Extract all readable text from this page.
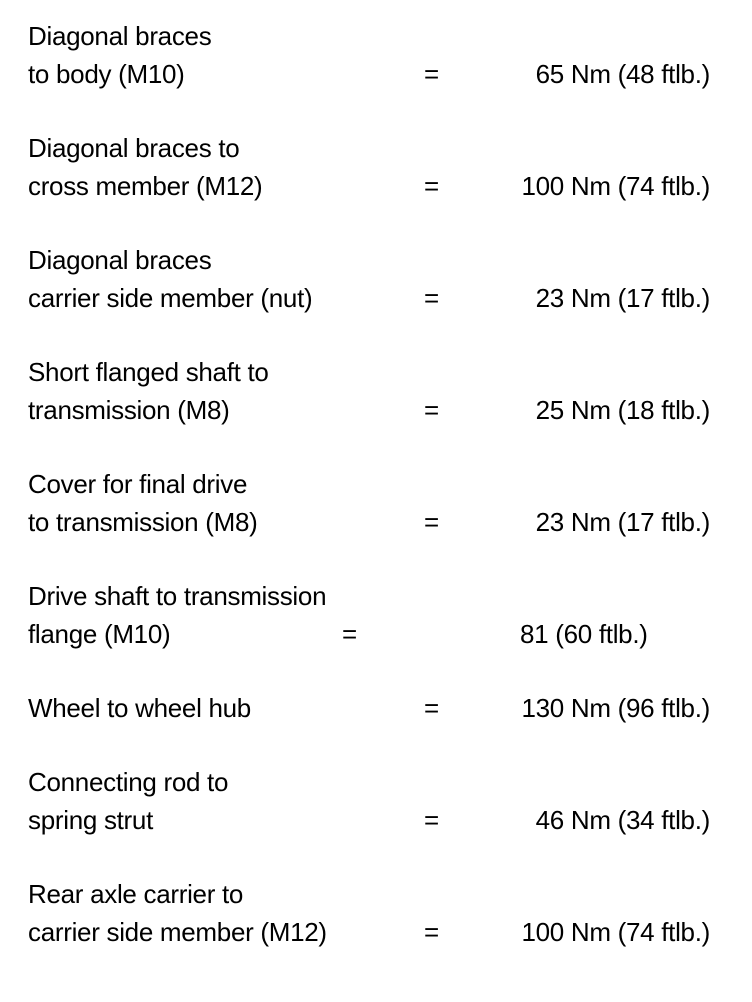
Diagonal braces
to body (M10)	=	65 Nm (48 ftlb.)
Diagonal braces to
cross member (M12)	=	100 Nm (74 ftlb.)
Diagonal braces
carrier side member (nut)	=	23 Nm (17 ftlb.)
Short flanged shaft to
transmission (M8)	=	25 Nm (18 ftlb.)
Cover for final drive
to transmission (M8)	=	23 Nm (17 ftlb.)
Drive shaft to transmission
flange (M10)	=	81 (60 ftlb.)
Wheel to wheel hub	=	130 Nm (96 ftlb.)
Connecting rod to
spring strut	=	46 Nm (34 ftlb.)
Rear axle carrier to
carrier side member (M12)	=	100 Nm (74 ftlb.)
